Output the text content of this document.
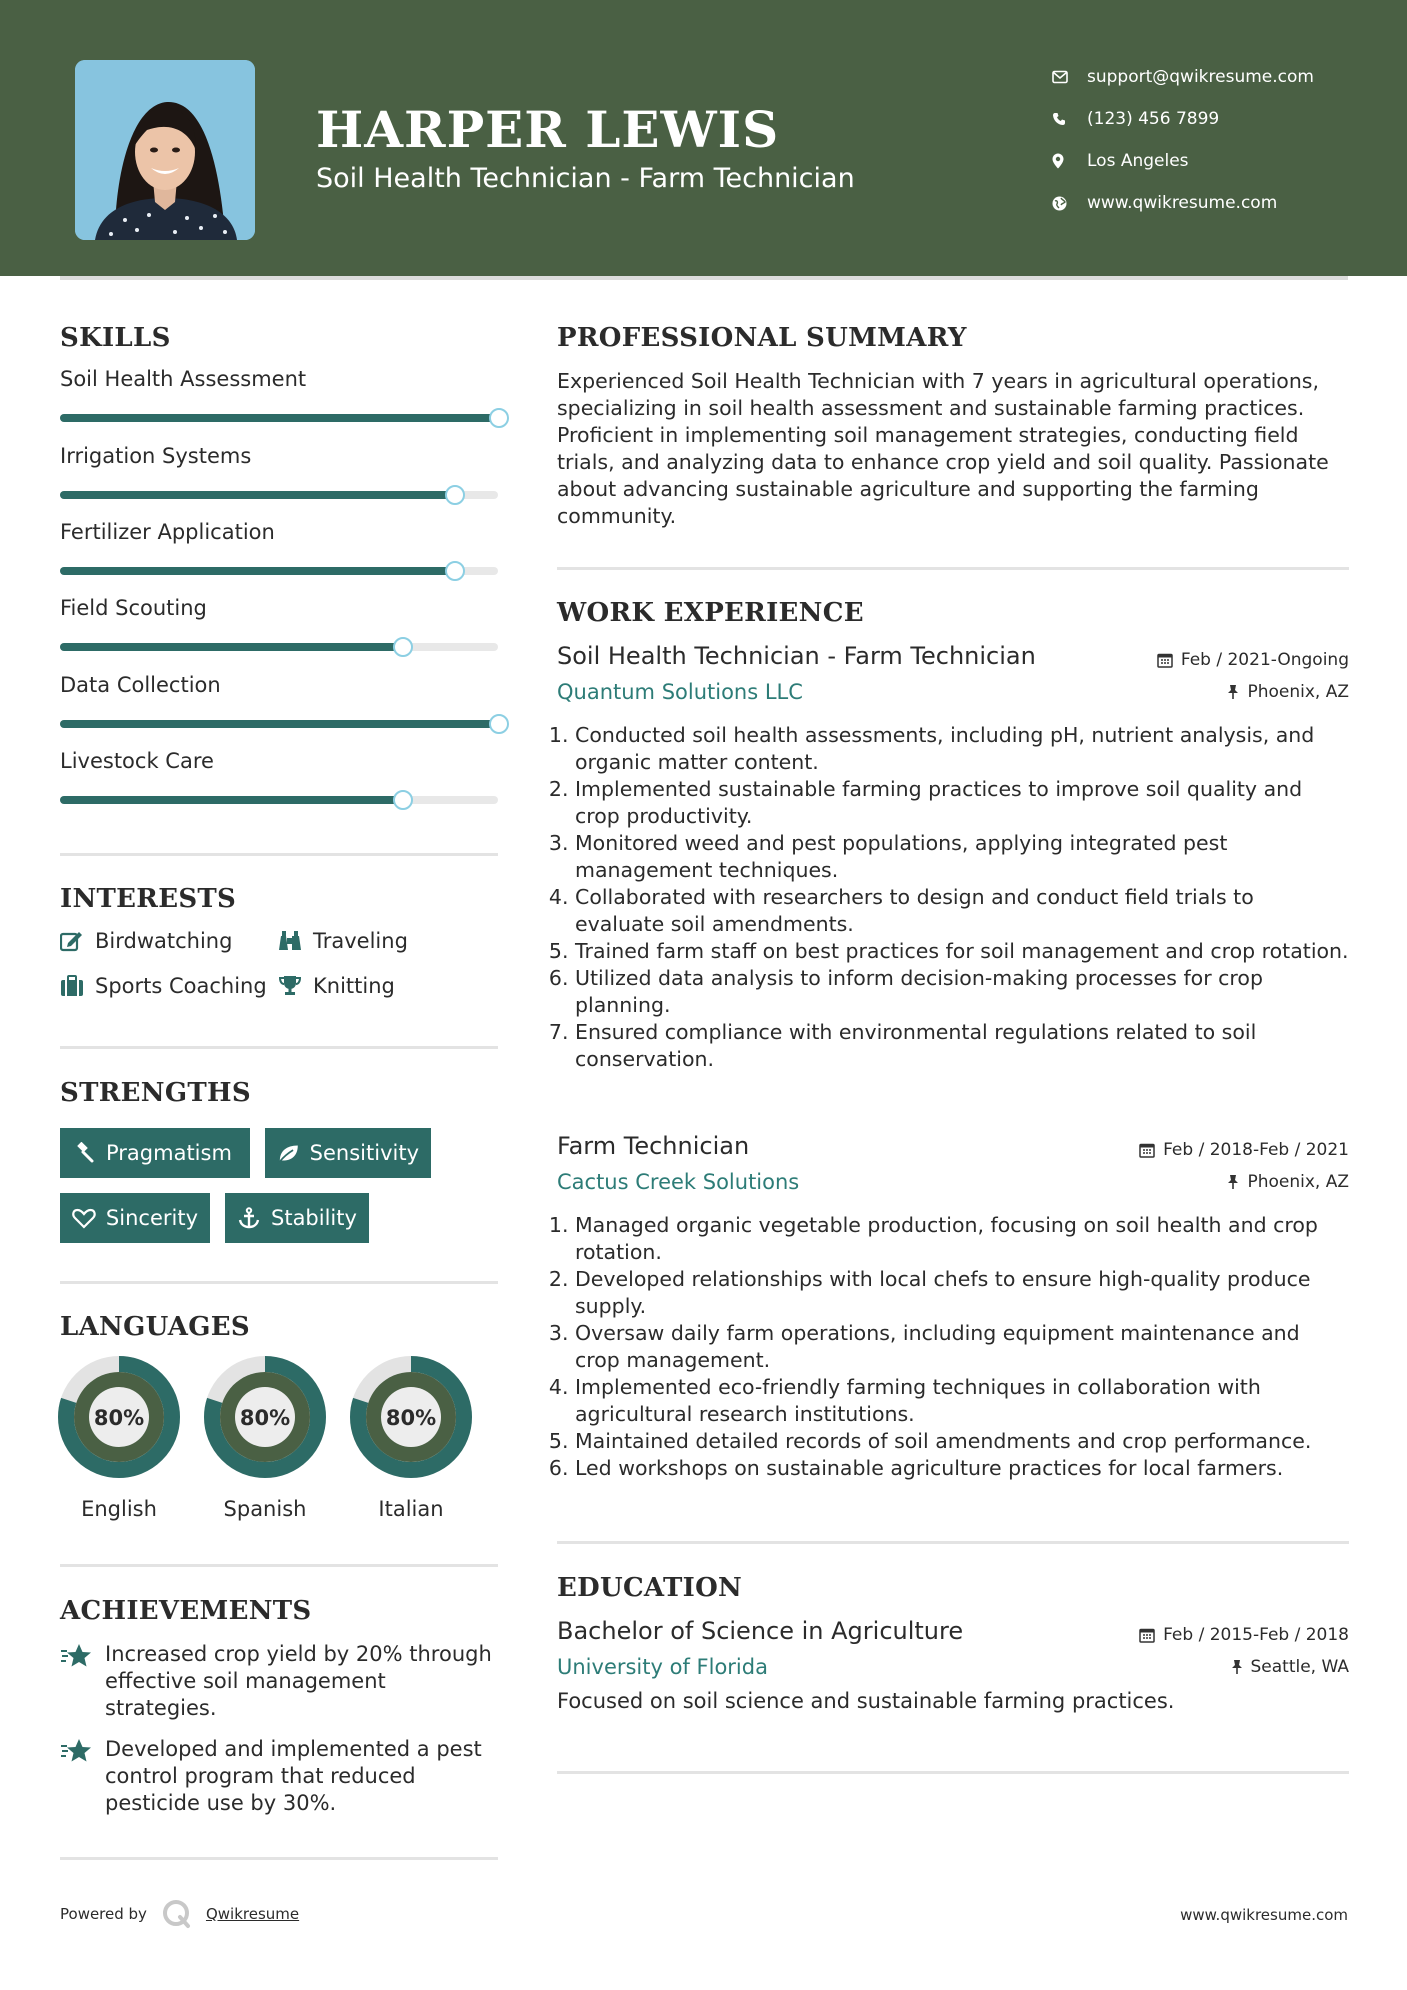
HARPER LEWIS
Soil Health Technician - Farm Technician
support@qwikresume.com
(123) 456 7899
Los Angeles
www.qwikresume.com
SKILLS
Soil Health Assessment
Irrigation Systems
Fertilizer Application
Field Scouting
Data Collection
Livestock Care
INTERESTS
Birdwatching	Traveling
Sports Coaching Knitting
STRENGTHS
Pragmatism	Sensitivity
Sincerity	Stability
LANGUAGES
80%
English
80%
Spanish
80%
Italian
ACHIEVEMENTS
Increased crop yield by 20% through effective soil management strategies.
Developed and implemented a pest control program that reduced pesticide use by 30%.
PROFESSIONAL SUMMARY

Experienced Soil Health Technician with 7 years in agricultural operations, specializing in soil health assessment and sustainable farming practices. Proficient in implementing soil management strategies, conducting field trials, and analyzing data to enhance crop yield and soil quality. Passionate about advancing sustainable agriculture and supporting the farming community.

WORK EXPERIENCE
Soil Health Technician - Farm Technician
Quantum Solutions LLC
Feb / 2021-Ongoing
Phoenix, AZ
1. Conducted soil health assessments, including pH, nutrient analysis, and organic matter content.
2. Implemented sustainable farming practices to improve soil quality and crop productivity.
3. Monitored weed and pest populations, applying integrated pest management techniques.
4. Collaborated with researchers to design and conduct field trials to evaluate soil amendments.
5. Trained farm staff on best practices for soil management and crop rotation.
6. Utilized data analysis to inform decision-making processes for crop planning.
7. Ensured compliance with environmental regulations related to soil conservation.
Farm Technician
Cactus Creek Solutions
Feb / 2018-Feb / 2021
Phoenix, AZ
1. Managed organic vegetable production, focusing on soil health and crop rotation.
2. Developed relationships with local chefs to ensure high-quality produce supply.
3. Oversaw daily farm operations, including equipment maintenance and crop management.
4. Implemented eco-friendly farming techniques in collaboration with agricultural research institutions.
5. Maintained detailed records of soil amendments and crop performance.
6. Led workshops on sustainable agriculture practices for local farmers.
EDUCATION
Bachelor of Science in Agriculture
University of Florida
Feb / 2015-Feb / 2018
Seattle, WA
Focused on soil science and sustainable farming practices.
Powered by	Qwikresume	www.qwikresume.com
